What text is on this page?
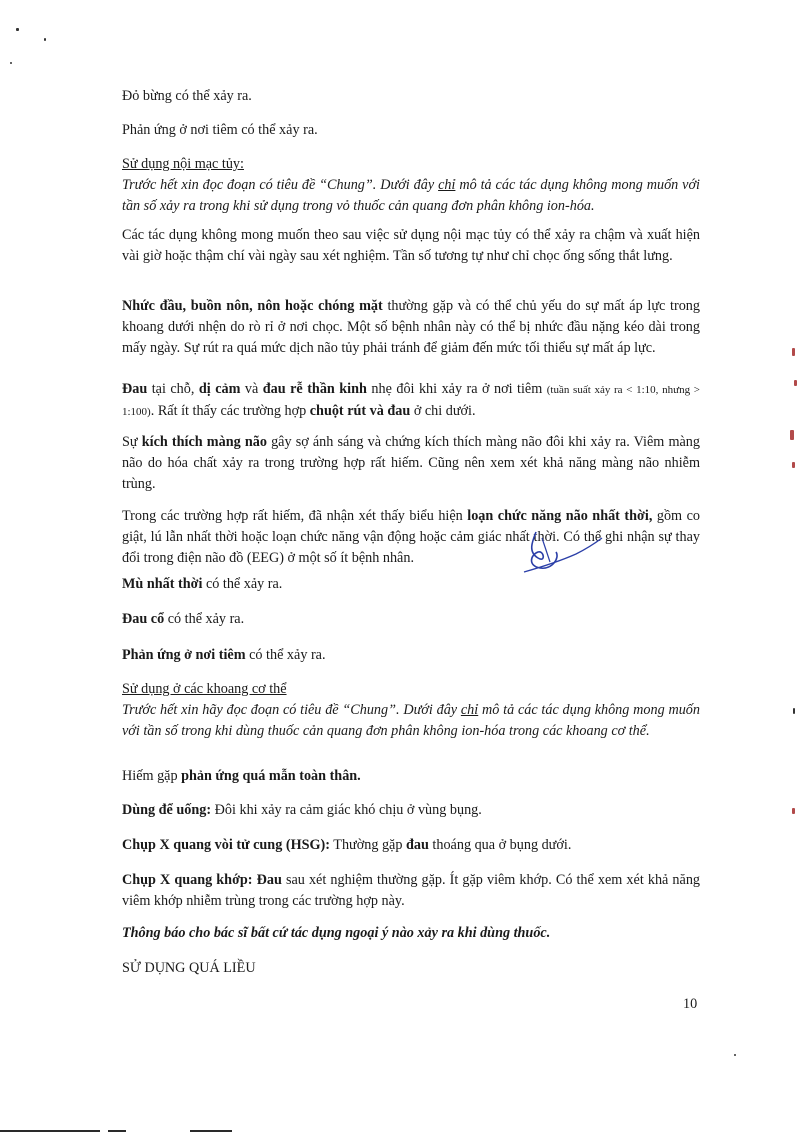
Đỏ bừng có thể xảy ra.

Phản ứng ở nơi tiêm có thể xảy ra.

Sử dụng nội mạc tủy:
Trước hết xin đọc đoạn có tiêu đề “Chung”. Dưới đây chỉ mô tả các tác dụng không mong muốn với tần số xảy ra trong khi sử dụng trong vỏ thuốc cản quang đơn phân không ion-hóa.

Các tác dụng không mong muốn theo sau việc sử dụng nội mạc tủy có thể xảy ra chậm và xuất hiện vài giờ hoặc thậm chí vài ngày sau xét nghiệm. Tần số tương tự như chỉ chọc ống sống thắt lưng.

Nhức đầu, buồn nôn, nôn hoặc chóng mặt thường gặp và có thể chủ yếu do sự mất áp lực trong khoang dưới nhện do rò rỉ ở nơi chọc. Một số bệnh nhân này có thể bị nhức đầu nặng kéo dài trong mấy ngày. Sự rút ra quá mức dịch não tủy phải tránh để giảm đến mức tối thiểu sự mất áp lực.

Đau tại chỗ, dị cảm và đau rễ thần kinh nhẹ đôi khi xảy ra ở nơi tiêm (tuần suất xảy ra < 1:10, nhưng > 1:100). Rất ít thấy các trường hợp chuột rút và đau ở chi dưới.

Sự kích thích màng não gây sợ ánh sáng và chứng kích thích màng não đôi khi xảy ra. Viêm màng não do hóa chất xảy ra trong trường hợp rất hiếm. Cũng nên xem xét khả năng màng não nhiễm trùng.

Trong các trường hợp rất hiếm, đã nhận xét thấy biểu hiện loạn chức năng não nhất thời, gồm co giật, lú lẫn nhất thời hoặc loạn chức năng vận động hoặc cảm giác nhất thời. Có thể ghi nhận sự thay đổi trong điện não đồ (EEG) ở một số ít bệnh nhân.

Mù nhất thời có thể xảy ra.

Đau cổ có thể xảy ra.

Phản ứng ở nơi tiêm có thể xảy ra.

Sử dụng ở các khoang cơ thể
Trước hết xin hãy đọc đoạn có tiêu đề “Chung”. Dưới đây chỉ mô tả các tác dụng không mong muốn với tần số trong khi dùng thuốc cản quang đơn phân không ion-hóa trong các khoang cơ thể.

Hiếm gặp phản ứng quá mẫn toàn thân.

Dùng để uống: Đôi khi xảy ra cảm giác khó chịu ở vùng bụng.

Chụp X quang vòi tử cung (HSG): Thường gặp đau thoáng qua ở bụng dưới.

Chụp X quang khớp: Đau sau xét nghiệm thường gặp. Ít gặp viêm khớp. Có thể xem xét khả năng viêm khớp nhiễm trùng trong các trường hợp này.

Thông báo cho bác sĩ bất cứ tác dụng ngoại ý nào xảy ra khi dùng thuốc.

SỬ DỤNG QUÁ LIỀU

10
